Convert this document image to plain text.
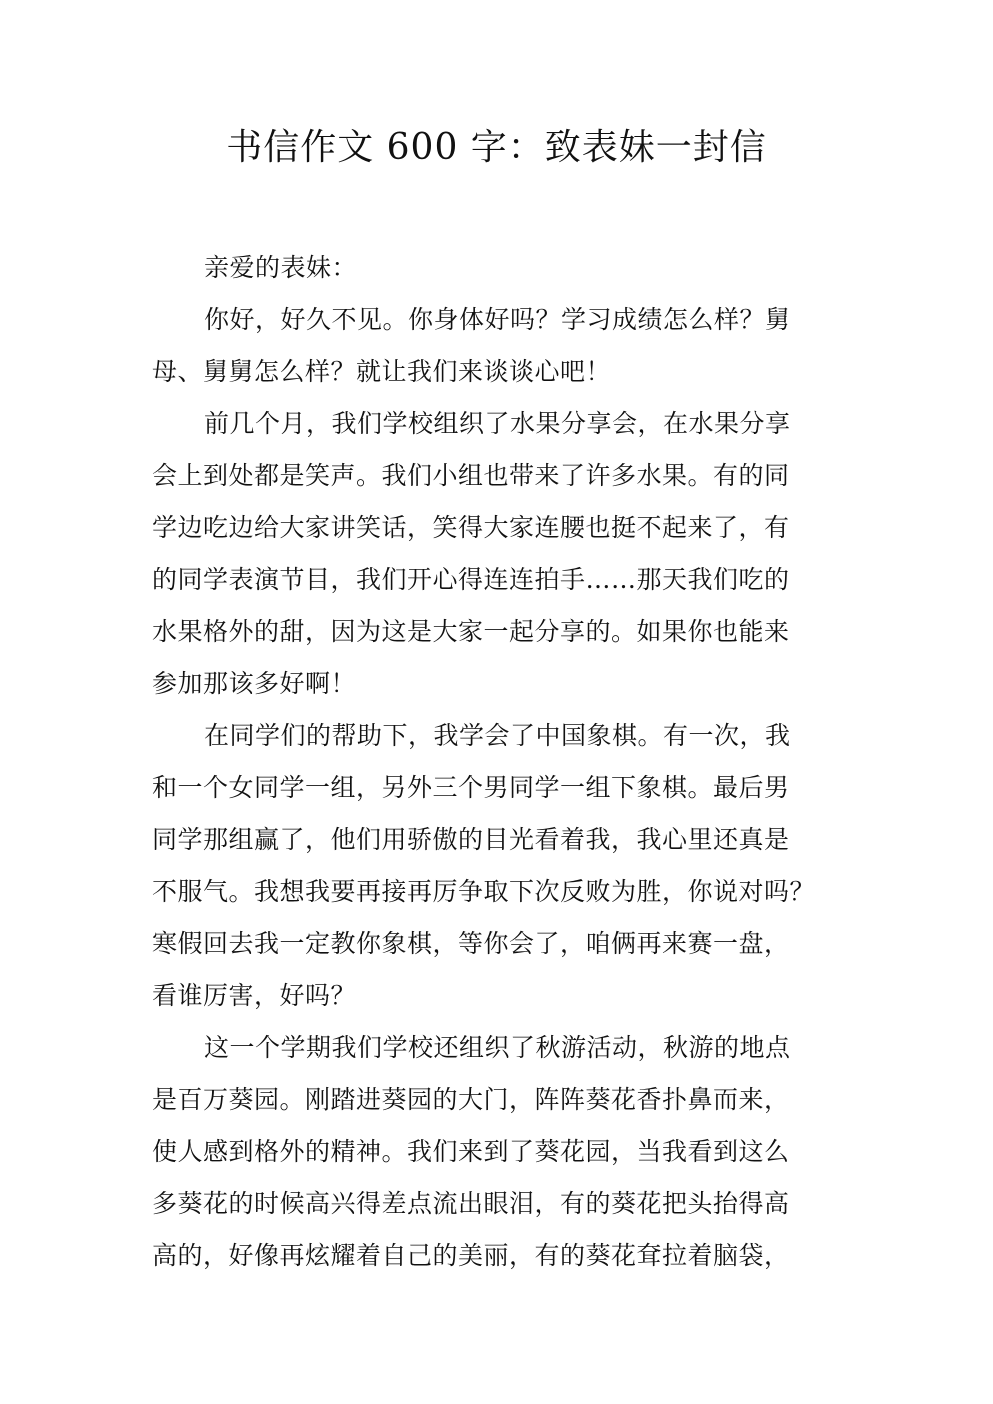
书信作文 600 字：致表妹一封信
亲爱的表妹：
你好，好久不见。你身体好吗？学习成绩怎么样？舅
母、舅舅怎么样？就让我们来谈谈心吧！
前几个月，我们学校组织了水果分享会，在水果分享
会上到处都是笑声。我们小组也带来了许多水果。有的同
学边吃边给大家讲笑话，笑得大家连腰也挺不起来了，有
的同学表演节目，我们开心得连连拍手……那天我们吃的
水果格外的甜，因为这是大家一起分享的。如果你也能来
参加那该多好啊！
在同学们的帮助下，我学会了中国象棋。有一次，我
和一个女同学一组，另外三个男同学一组下象棋。最后男
同学那组赢了，他们用骄傲的目光看着我，我心里还真是
不服气。我想我要再接再厉争取下次反败为胜，你说对吗？
寒假回去我一定教你象棋，等你会了，咱俩再来赛一盘，
看谁厉害，好吗？
这一个学期我们学校还组织了秋游活动，秋游的地点
是百万葵园。刚踏进葵园的大门，阵阵葵花香扑鼻而来，
使人感到格外的精神。我们来到了葵花园，当我看到这么
多葵花的时候高兴得差点流出眼泪，有的葵花把头抬得高
高的，好像再炫耀着自己的美丽，有的葵花耷拉着脑袋，
